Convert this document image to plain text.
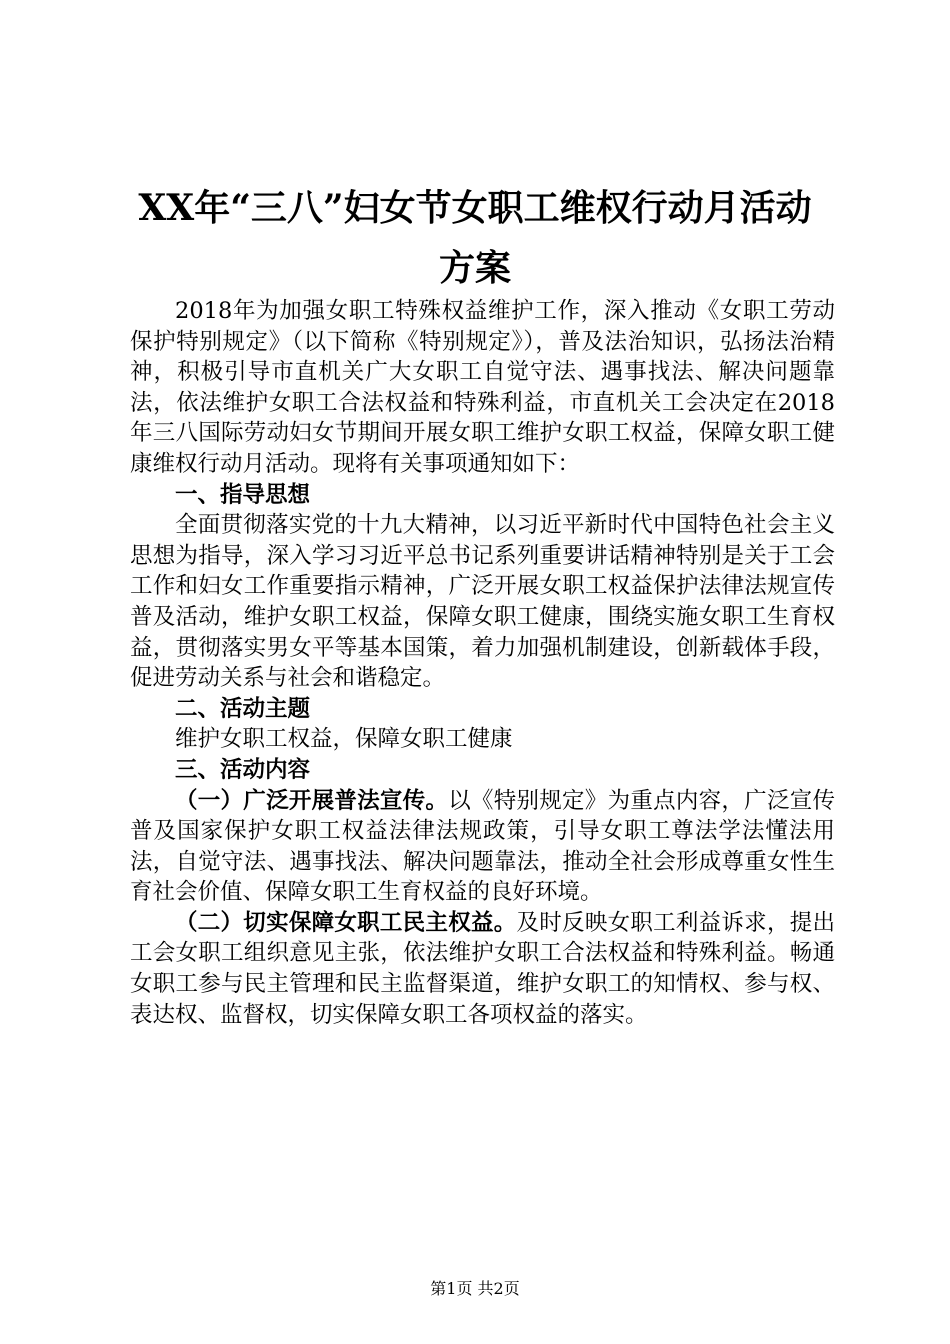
XX年“三八”妇女节女职工维权行动月活动
方案

2018年为加强女职工特殊权益维护工作，深入推动《女职工劳动保护特别规定》（以下简称《特别规定》），普及法治知识，弘扬法治精神，积极引导市直机关广大女职工自觉守法、遇事找法、解决问题靠法，依法维护女职工合法权益和特殊利益，市直机关工会决定在2018年三八国际劳动妇女节期间开展女职工维护女职工权益，保障女职工健康维权行动月活动。现将有关事项通知如下：

一、指导思想

全面贯彻落实党的十九大精神，以习近平新时代中国特色社会主义思想为指导，深入学习习近平总书记系列重要讲话精神特别是关于工会工作和妇女工作重要指示精神，广泛开展女职工权益保护法律法规宣传普及活动，维护女职工权益，保障女职工健康，围绕实施女职工生育权益，贯彻落实男女平等基本国策，着力加强机制建设，创新载体手段，促进劳动关系与社会和谐稳定。

二、活动主题

维护女职工权益，保障女职工健康

三、活动内容

（一）广泛开展普法宣传。以《特别规定》为重点内容，广泛宣传普及国家保护女职工权益法律法规政策，引导女职工尊法学法懂法用法，自觉守法、遇事找法、解决问题靠法，推动全社会形成尊重女性生育社会价值、保障女职工生育权益的良好环境。

（二）切实保障女职工民主权益。及时反映女职工利益诉求，提出工会女职工组织意见主张，依法维护女职工合法权益和特殊利益。畅通女职工参与民主管理和民主监督渠道，维护女职工的知情权、参与权、表达权、监督权，切实保障女职工各项权益的落实。

第1页 共2页
